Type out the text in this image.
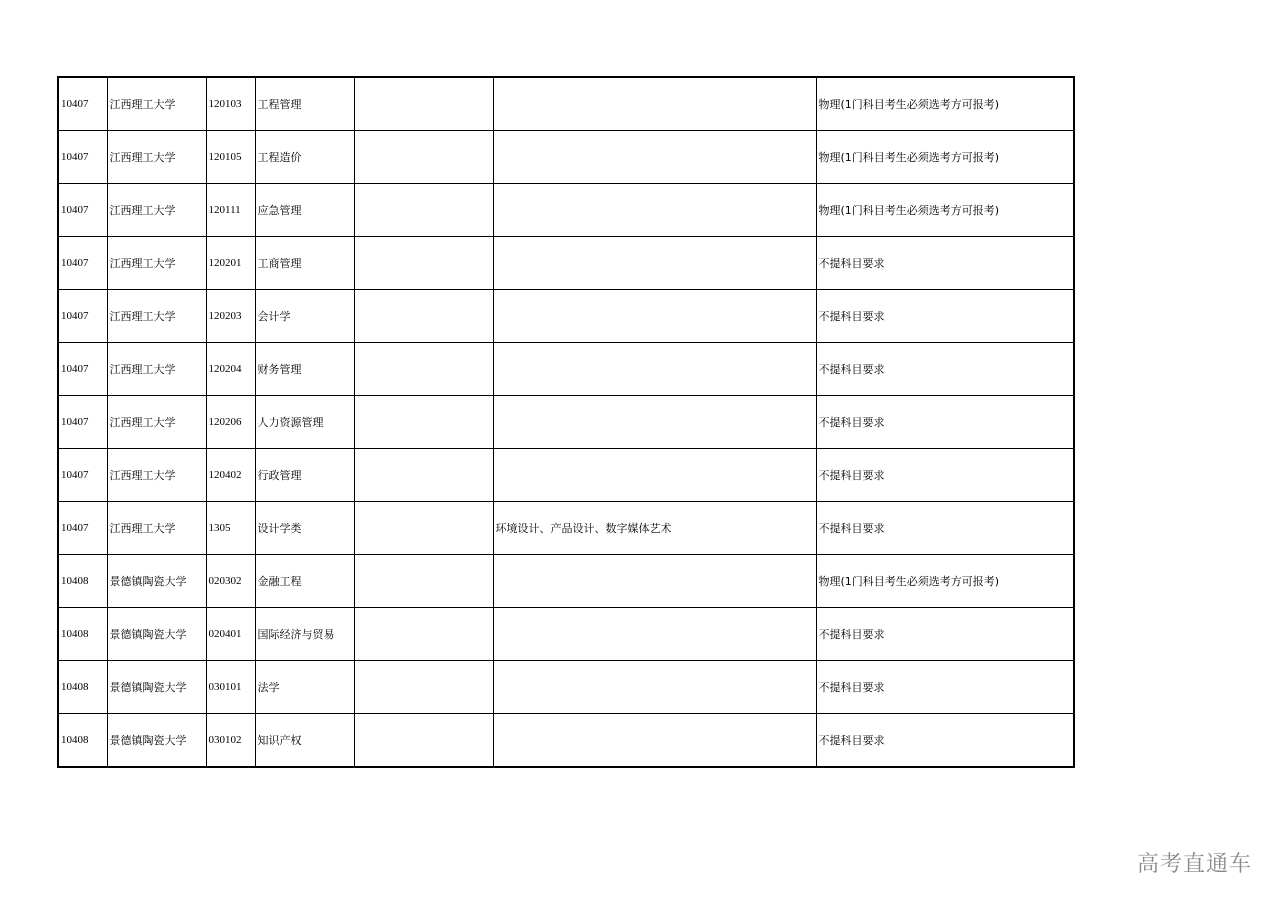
10407	江西理工大学	120103	工程管理			物理(1门科目考生必须选考方可报考)
10407	江西理工大学	120105	工程造价			物理(1门科目考生必须选考方可报考)
10407	江西理工大学	120111	应急管理			物理(1门科目考生必须选考方可报考)
10407	江西理工大学	120201	工商管理			不提科目要求
10407	江西理工大学	120203	会计学			不提科目要求
10407	江西理工大学	120204	财务管理			不提科目要求
10407	江西理工大学	120206	人力资源管理			不提科目要求
10407	江西理工大学	120402	行政管理			不提科目要求
10407	江西理工大学	1305	设计学类		环境设计、产品设计、数字媒体艺术	不提科目要求
10408	景德镇陶瓷大学	020302	金融工程			物理(1门科目考生必须选考方可报考)
10408	景德镇陶瓷大学	020401	国际经济与贸易			不提科目要求
10408	景德镇陶瓷大学	030101	法学			不提科目要求
10408	景德镇陶瓷大学	030102	知识产权			不提科目要求
高考直通车
